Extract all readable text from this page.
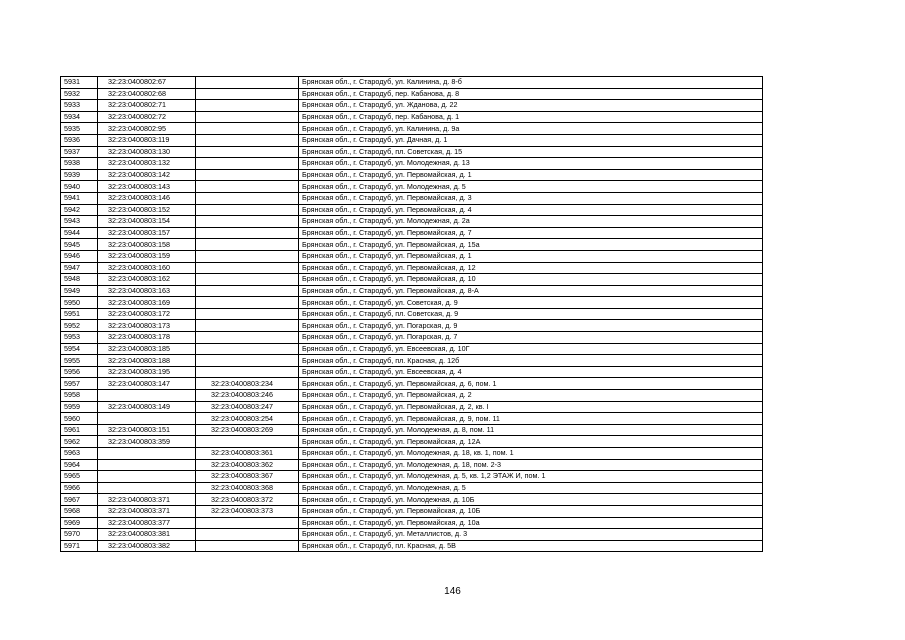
5931	32:23:0400802:67		Брянская обл., г. Стародуб, ул. Калинина, д. 8-б
5932	32:23:0400802:68		Брянская обл., г. Стародуб, пер. Кабанова, д. 8
5933	32:23:0400802:71		Брянская обл., г. Стародуб, ул. Жданова, д. 22
5934	32:23:0400802:72		Брянская обл., г. Стародуб, пер. Кабанова, д. 1
5935	32:23:0400802:95		Брянская обл., г. Стародуб, ул. Калинина, д. 9а
5936	32:23:0400803:119		Брянская обл., г. Стародуб, ул. Дачная, д. 1
5937	32:23:0400803:130		Брянская обл., г. Стародуб, пл. Советская, д. 15
5938	32:23:0400803:132		Брянская обл., г. Стародуб, ул. Молодежная, д. 13
5939	32:23:0400803:142		Брянская обл., г. Стародуб, ул. Первомайская, д. 1
5940	32:23:0400803:143		Брянская обл., г. Стародуб, ул. Молодежная, д. 5
5941	32:23:0400803:146		Брянская обл., г. Стародуб, ул. Первомайская, д. 3
5942	32:23:0400803:152		Брянская обл., г. Стародуб, ул. Первомайская, д. 4
5943	32:23:0400803:154		Брянская обл., г. Стародуб, ул. Молодежная, д. 2а
5944	32:23:0400803:157		Брянская обл., г. Стародуб, ул. Первомайская, д. 7
5945	32:23:0400803:158		Брянская обл., г. Стародуб, ул. Первомайская, д. 15а
5946	32:23:0400803:159		Брянская обл., г. Стародуб, ул. Первомайская, д. 1
5947	32:23:0400803:160		Брянская обл., г. Стародуб, ул. Первомайская, д. 12
5948	32:23:0400803:162		Брянская обл., г. Стародуб, ул. Первомайская, д. 10
5949	32:23:0400803:163		Брянская обл., г. Стародуб, ул. Первомайская, д. 8-А
5950	32:23:0400803:169		Брянская обл., г. Стародуб, ул. Советская, д. 9
5951	32:23:0400803:172		Брянская обл., г. Стародуб, пл. Советская, д. 9
5952	32:23:0400803:173		Брянская обл., г. Стародуб, ул. Погарская, д. 9
5953	32:23:0400803:178		Брянская обл., г. Стародуб, ул. Погарская, д. 7
5954	32:23:0400803:185		Брянская обл., г. Стародуб, ул. Евсеевская, д. 10Г
5955	32:23:0400803:188		Брянская обл., г. Стародуб, пл. Красная, д. 12б
5956	32:23:0400803:195		Брянская обл., г. Стародуб, ул. Евсеевская, д. 4
5957	32:23:0400803:147	32:23:0400803:234	Брянская обл., г. Стародуб, ул. Первомайская, д. 6, пом. 1
5958		32:23:0400803:246	Брянская обл., г. Стародуб, ул. Первомайская, д. 2
5959	32:23:0400803:149	32:23:0400803:247	Брянская обл., г. Стародуб, ул. Первомайская, д. 2, кв. I
5960		32:23:0400803:254	Брянская обл., г. Стародуб, ул. Первомайская, д. 9, пом. 11
5961	32:23:0400803:151	32:23:0400803:269	Брянская обл., г. Стародуб, ул. Молодежная, д. 8, пом. 11
5962	32:23:0400803:359		Брянская обл., г. Стародуб, ул. Первомайская, д. 12А
5963		32:23:0400803:361	Брянская обл., г. Стародуб, ул. Молодежная, д. 18, кв. 1, пом. 1
5964		32:23:0400803:362	Брянская обл., г. Стародуб, ул. Молодежная, д. 18, пом. 2-3
5965		32:23:0400803:367	Брянская обл., г. Стародуб, ул. Молодежная, д. 5, кв. 1,2 ЭТАЖ И, пом. 1
5966		32:23:0400803:368	Брянская обл., г. Стародуб, ул. Молодежная, д. 5
5967	32:23:0400803:371	32:23:0400803:372	Брянская обл., г. Стародуб, ул. Молодежная, д. 10Б
5968	32:23:0400803:371	32:23:0400803:373	Брянская обл., г. Стародуб, ул. Первомайская, д. 10Б
5969	32:23:0400803:377		Брянская обл., г. Стародуб, ул. Первомайская, д. 10а
5970	32:23:0400803:381		Брянская обл., г. Стародуб, ул. Металлистов, д. 3
5971	32:23:0400803:382		Брянская обл., г. Стародуб, пл. Красная, д. 5В
146
